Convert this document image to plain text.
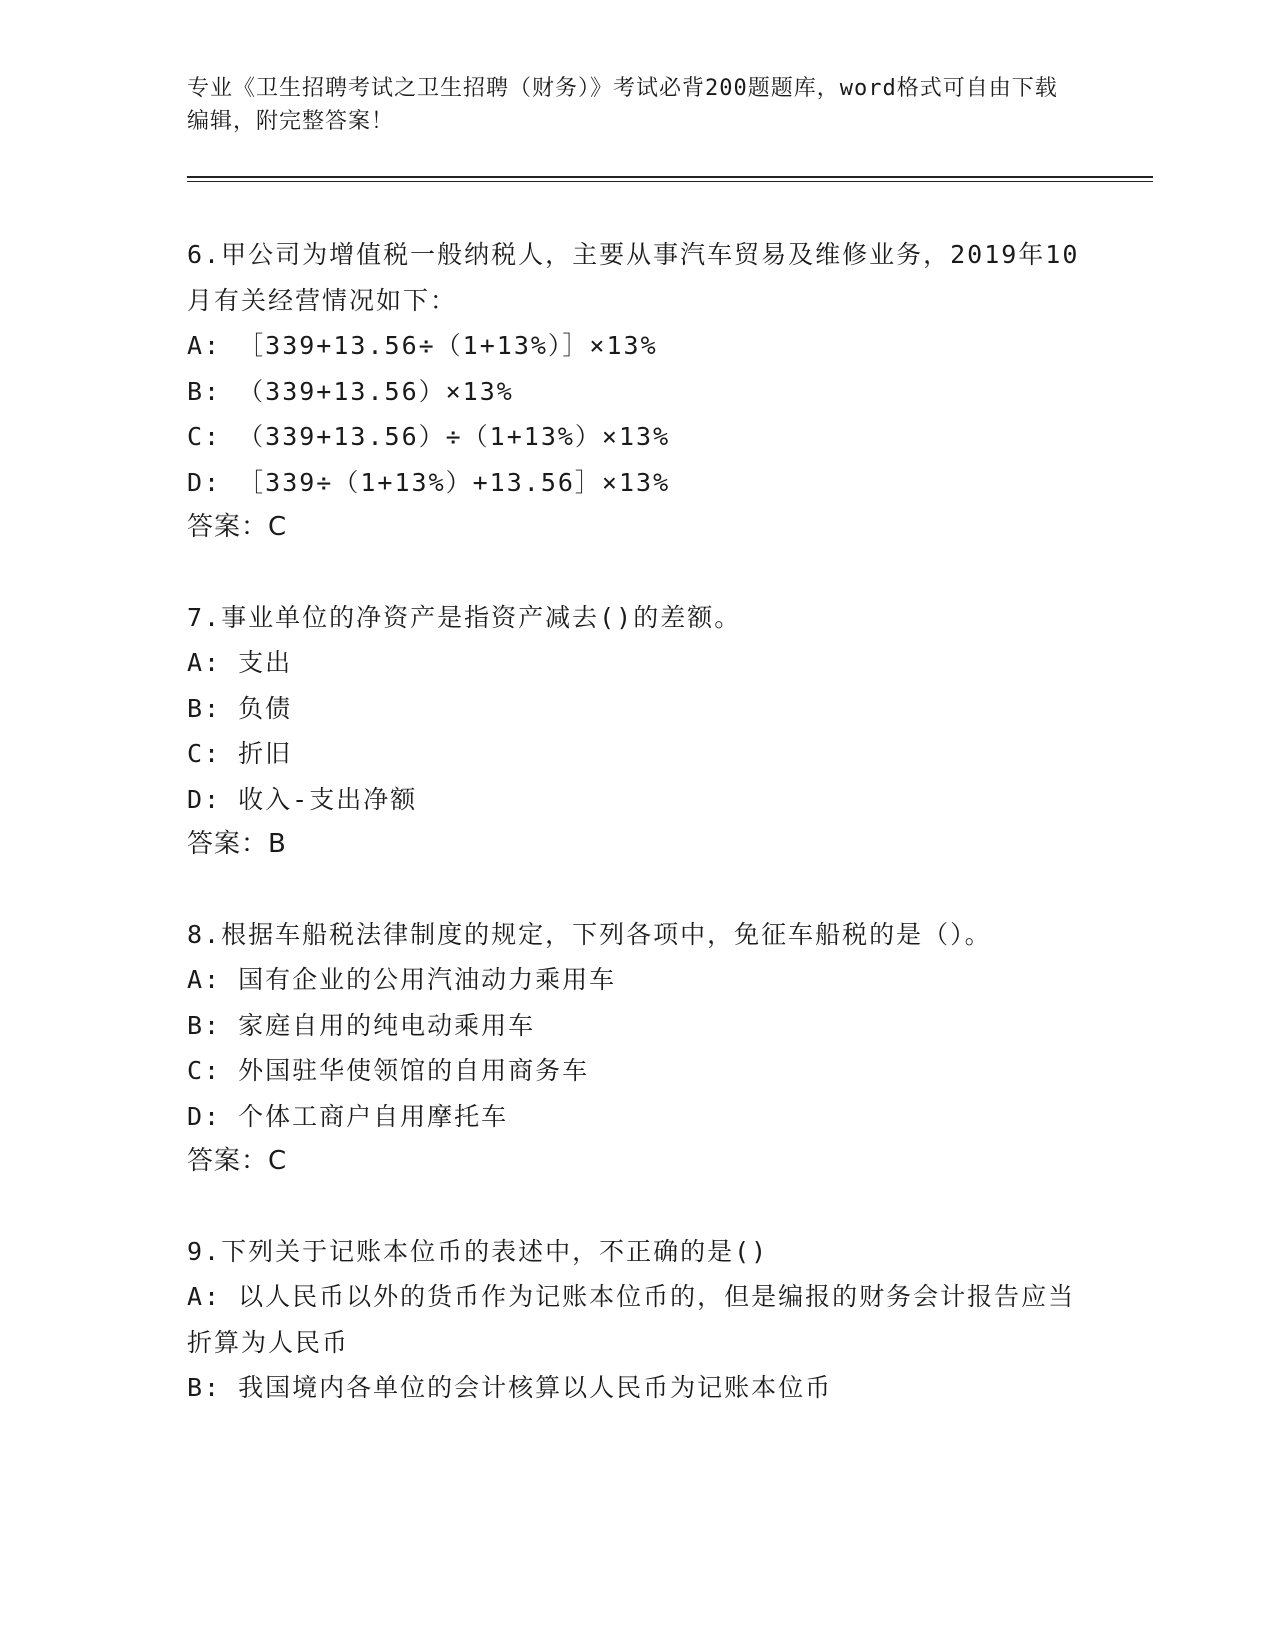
专业《卫生招聘考试之卫生招聘（财务）》考试必背200题题库，word格式可自由下载编辑，附完整答案！
6.甲公司为增值税一般纳税人，主要从事汽车贸易及维修业务，2019年10月有关经营情况如下：
A: ［339+13.56÷（1+13%）］×13%
B: （339+13.56）×13%
C: （339+13.56）÷（1+13%）×13%
D: ［339÷（1+13%）+13.56］×13%
答案：C
7.事业单位的净资产是指资产减去()的差额。
A: 支出
B: 负债
C: 折旧
D: 收入-支出净额
答案：B
8.根据车船税法律制度的规定，下列各项中，免征车船税的是（）。
A: 国有企业的公用汽油动力乘用车
B: 家庭自用的纯电动乘用车
C: 外国驻华使领馆的自用商务车
D: 个体工商户自用摩托车
答案：C
9.下列关于记账本位币的表述中，不正确的是()
A: 以人民币以外的货币作为记账本位币的，但是编报的财务会计报告应当折算为人民币
B: 我国境内各单位的会计核算以人民币为记账本位币
